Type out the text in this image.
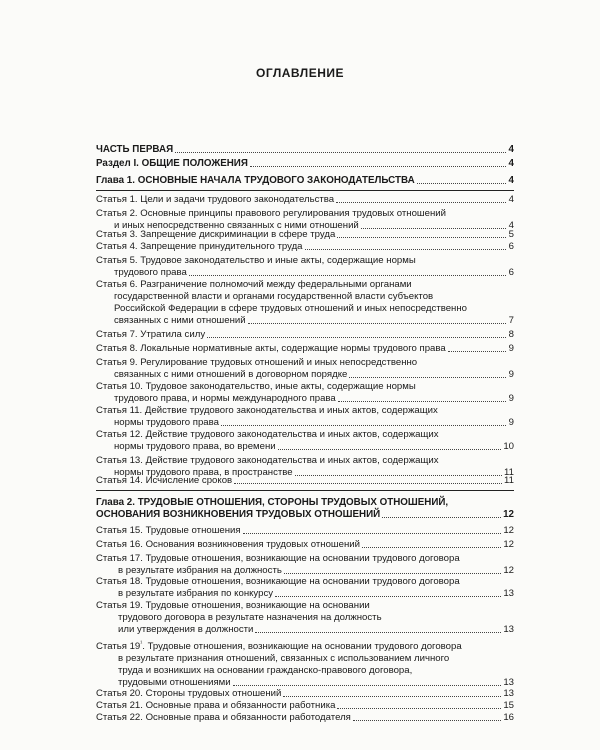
ОГЛАВЛЕНИЕ
ЧАСТЬ ПЕРВАЯ	4
Раздел I. ОБЩИЕ ПОЛОЖЕНИЯ	4
Глава 1. ОСНОВНЫЕ НАЧАЛА ТРУДОВОГО ЗАКОНОДАТЕЛЬСТВА	4
Статья 1. Цели и задачи трудового законодательства	4
Статья 2. Основные принципы правового регулирования трудовых отношений
и иных непосредственно связанных с ними отношений	4
Статья 3. Запрещение дискриминации в сфере труда	5
Статья 4. Запрещение принудительного труда	6
Статья 5. Трудовое законодательство и иные акты, содержащие нормы
трудового права	6
Статья 6. Разграничение полномочий между федеральными органами
государственной власти и органами государственной власти субъектов
Российской Федерации в сфере трудовых отношений и иных непосредственно
связанных с ними отношений	7
Статья 7. Утратила силу	8
Статья 8. Локальные нормативные акты, содержащие нормы трудового права	9
Статья 9. Регулирование трудовых отношений и иных непосредственно
связанных с ними отношений в договорном порядке	9
Статья 10. Трудовое законодательство, иные акты, содержащие нормы
трудового права, и нормы международного права	9
Статья 11. Действие трудового законодательства и иных актов, содержащих
нормы трудового права	9
Статья 12. Действие трудового законодательства и иных актов, содержащих
нормы трудового права, во времени	10
Статья 13. Действие трудового законодательства и иных актов, содержащих
нормы трудового права, в пространстве	11
Статья 14. Исчисление сроков	11
Глава 2. ТРУДОВЫЕ ОТНОШЕНИЯ, СТОРОНЫ ТРУДОВЫХ ОТНОШЕНИЙ,
ОСНОВАНИЯ ВОЗНИКНОВЕНИЯ ТРУДОВЫХ ОТНОШЕНИЙ	12
Статья 15. Трудовые отношения	12
Статья 16. Основания возникновения трудовых отношений	12
Статья 17. Трудовые отношения, возникающие на основании трудового договора
в результате избрания на должность	12
Статья 18. Трудовые отношения, возникающие на основании трудового договора
в результате избрания по конкурсу	13
Статья 19. Трудовые отношения, возникающие на основании
трудового договора в результате назначения на должность
или утверждения в должности	13
Статья $19^{^1}$. Трудовые отношения, возникающие на основании трудового договора
в результате признания отношений, связанных с использованием личного
труда и возникших на основании гражданско-правового договора,
трудовыми отношениями	13
Статья 20. Стороны трудовых отношений	13
Статья 21. Основные права и обязанности работника	15
Статья 22. Основные права и обязанности работодателя	16
